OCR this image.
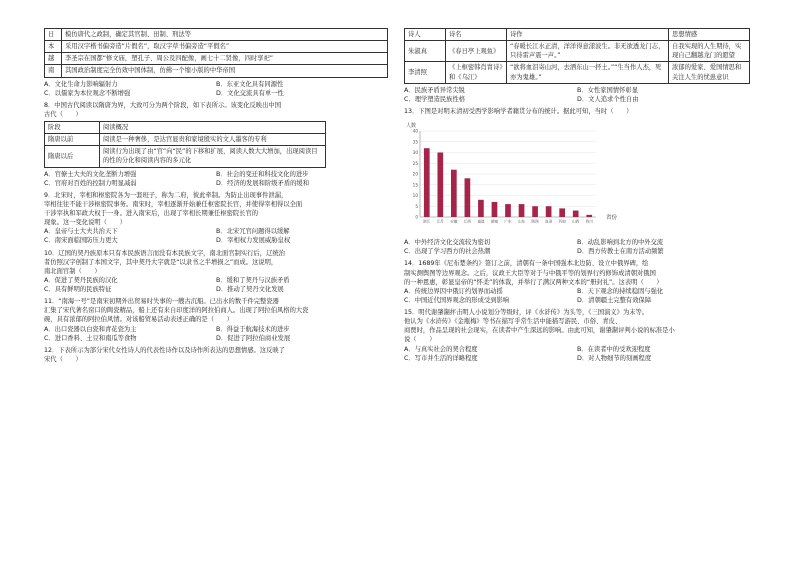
日	模仿唐代之政制，确定其官制、田制、刑法等
本	采用汉字楷书偏旁造“片假名”，取汉字草书偏旁造“平假名”
越	李圣宗在国都“修文庙，塑孔子、周公及四配像，画七十二贤像，四时享祀”
南	其国政治制度完全仿效中国体制，仿佛一个缩小版的中华帝国
A．文化生命力影响辐射力	B．东亚文化具有同源性
C．以儒家为本位观念不断增强	D．文化交流具有单一性

8．中国古代阅读以隋唐为界，大致可分为两个阶段，如下表所示。该变化反映出中国

古代（　　）

阶段	阅读概况
隋唐以前	阅读是一种奢侈，是达官显贵和家境殷实的文人墨客的专利
隋唐以后	阅读行为出现了由“官”向“民”的下移和扩展，阅读人数大大增加，出现阅读目的性的分化和阅读内容的多元化
A．官僚士大夫的文化垄断力增强	B．社会的变迁和科技文化的进步
C．官府对百姓的控制力明显减弱	D．经济的发展和阶级矛盾的缓和

9．北宋时，宰相和枢密院各为一套班子，称为二府，彼此牵制。为防止出现事件泄漏，

宰相往往不能干涉枢密院事务。南宋时，宰相逐渐开始兼任枢密院长官，并使得宰相得以全面

干涉宰执和军政大权于一身。进入南宋后，出现了宰相长期兼任枢密院长官的

现象。这一变化说明（　　）

A．皇帝与士大夫共治天下	B．北宋冗官问题得以缓解
C．南宋面临国防压力更大	D．宰相权力发展威胁皇权

10．辽国的契丹族原本只有本民族语言而没有本民族文字，南北面官制实行后，辽统治

者仿照汉字创制了本国文字，其中契丹大字就是“以隶书之半增损之”而成。这说明，

南北面官制（　　）

A．促进了契丹民族的汉化	B．缓和了契丹与汉族矛盾
C．具有鲜明的民族特征	D．推动了契丹文化发展

11．“南海一号”是南宋初期外出贸易时失事的一艘古沉船。已出水的数千件完整瓷器

汇集了宋代著名窑口的陶瓷精品，船上还有来自印度洋的阿拉伯商人。出现了阿拉伯风格的大瓷

碗，具有浓郁的阿拉伯风情。对该船贸易活动表述正确的是（　　）

A．出口瓷器以白瓷和青花瓷为主	B．得益于航海技术的进步
C．进口香料、土豆和南瓜等食物	D．促进了阿拉伯商业发展

12．下表所示为部分宋代女性诗人的代表性诗作以及诗作所表达的思想情感。这反映了

宋代（　　）

诗人	诗名	诗作	思想情感
朱淑真	《春日亭上观鱼》	“春暖长江水正清，洋洋得意漾波生。非无欲透龙门志，只待雷声震一声。”	自我实现的人生期待，实现自己翻越龙门的愿望
李清照	《上枢密韩肖胄诗》和《乌江》	“欲将血泪寄山河，去洒东山一抔土。”“生当作人杰，死亦为鬼雄。”	浓郁的爱家、爱国情思和关注人生的忧患意识
A．民族矛盾异常尖锐	B．女性家国情怀彰显
C．理学塑造民族性格	D．文人追求个性自由

13．下图是对明末清初受西学影响学者籍贯分布的统计。据此可知，当时（　　）

人数
0
5
10
15
20
25
30
35
40
浙江 江苏 安徽 江西 福建 湖南 广东 山东 陕西 直隶 河南 山西 四川
省份
A．中外经济文化交流较为密切	B．动乱影响到北方的中外交流
C．出现了学习西方的社会热潮	D．西方传教士在南方活动频繁

14．1689年《尼布楚条约》签订之前，清朝有一条中国强本北边防、设立中俄界碑，绘

制实测舆图等边界观念。之后，议政王大臣等对于与中俄平等的划界行约修饰成清朝对俄国

的一种恩惠，彰显皇帝的“怀柔”的体裁，并举行了满汉两种文本的“册封礼”。这表明（　　）

A．传统边界因中俄订约划界而动摇	B．天下观念的持续稳固与强化
C．中国近代国界观念的形成受到影响	D．清朝疆土完整有效保障

15．明代谢肇淛抨击明人小说划分等级时，评《水浒传》为头等，《三国演义》为末等。

他认为《水浒传》《金瓶梅》等书在描写乎常生活中能描写游民、市俗、青皮、

商贾时，作品呈现的社会现实，在读者中产生深远的影响。由此可知，谢肇淛评判小说的标准是小

说（　　）

A．与真实社会的契合程度	B．在读者中的受欢迎程度
C．写市井生活的详略程度	D．对人物细节的刻画程度
